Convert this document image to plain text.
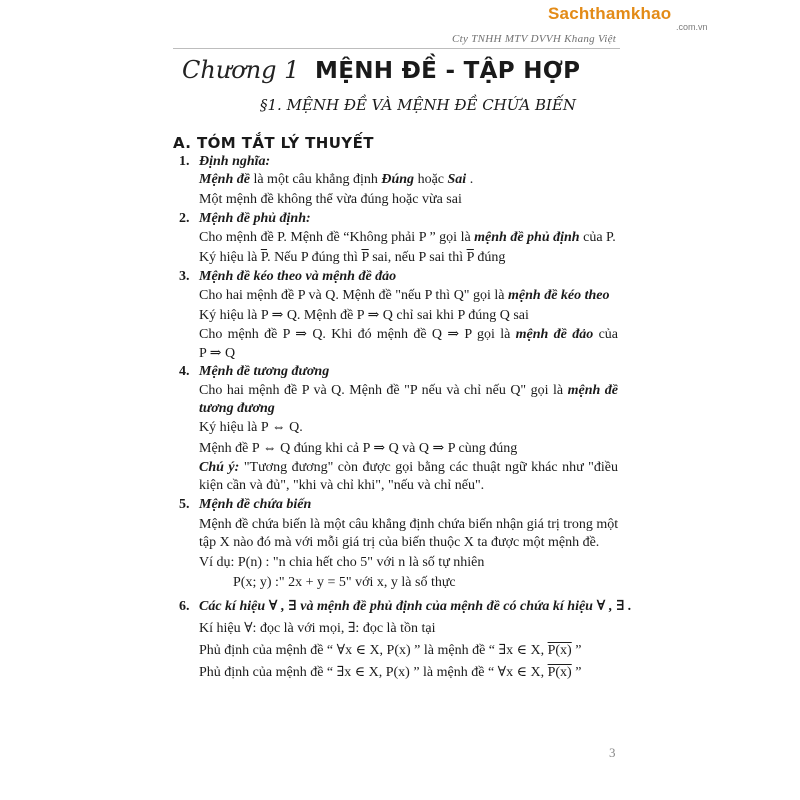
Sachthamkhao
.com.vn
Cty TNHH MTV DVVH Khang Việt
Chương 1 MỆNH ĐỀ - TẬP HỢP
§1. MỆNH ĐỀ VÀ MỆNH ĐỀ CHỨA BIẾN
A. TÓM TẮT LÝ THUYẾT
1. Định nghĩa:
Mệnh đề là một câu khẳng định Đúng hoặc Sai .
Một mệnh đề không thể vừa đúng hoặc vừa sai
2. Mệnh đề phủ định:
Cho mệnh đề P. Mệnh đề “Không phải P ” gọi là mệnh đề phủ định của P.
Ký hiệu là $\overline{P}$. Nếu P đúng thì $\overline{P}$ sai, nếu P sai thì $\overline{P}$ đúng
3. Mệnh đề kéo theo và mệnh đề đảo
Cho hai mệnh đề P và Q. Mệnh đề "nếu P thì Q" gọi là mệnh đề kéo theo
Ký hiệu là P ⇒ Q. Mệnh đề P ⇒ Q chỉ sai khi P đúng Q sai
Cho mệnh đề P ⇒ Q. Khi đó mệnh đề Q ⇒ P gọi là mệnh đề đảo của
P ⇒ Q
4. Mệnh đề tương đương
Cho hai mệnh đề P và Q. Mệnh đề "P nếu và chỉ nếu Q" gọi là mệnh đề
tương đương
Ký hiệu là P ⇔ Q.
Mệnh đề P ⇔ Q đúng khi cả P ⇒ Q và Q ⇒ P cùng đúng
Chú ý: "Tương đương" còn được gọi bằng các thuật ngữ khác như "điều
kiện cần và đủ", "khi và chỉ khi", "nếu và chỉ nếu".
5. Mệnh đề chứa biến
Mệnh đề chứa biến là một câu khẳng định chứa biến nhận giá trị trong một
tập X nào đó mà với mỗi giá trị của biến thuộc X ta được một mệnh đề.
Ví dụ: P(n) : "n chia hết cho 5" với n là số tự nhiên
P(x; y) :" 2x + y = 5" với x, y là số thực
6. Các kí hiệu ∀ , ∃ và mệnh đề phủ định của mệnh đề có chứa kí hiệu ∀ , ∃ .
Kí hiệu ∀: đọc là với mọi, ∃: đọc là tồn tại
Phủ định của mệnh đề “ ∀x ∈ X, P(x) ” là mệnh đề “ ∃x ∈ X, P(x) ”
Phủ định của mệnh đề “ ∃x ∈ X, P(x) ” là mệnh đề “ ∀x ∈ X, P(x) ”
3
